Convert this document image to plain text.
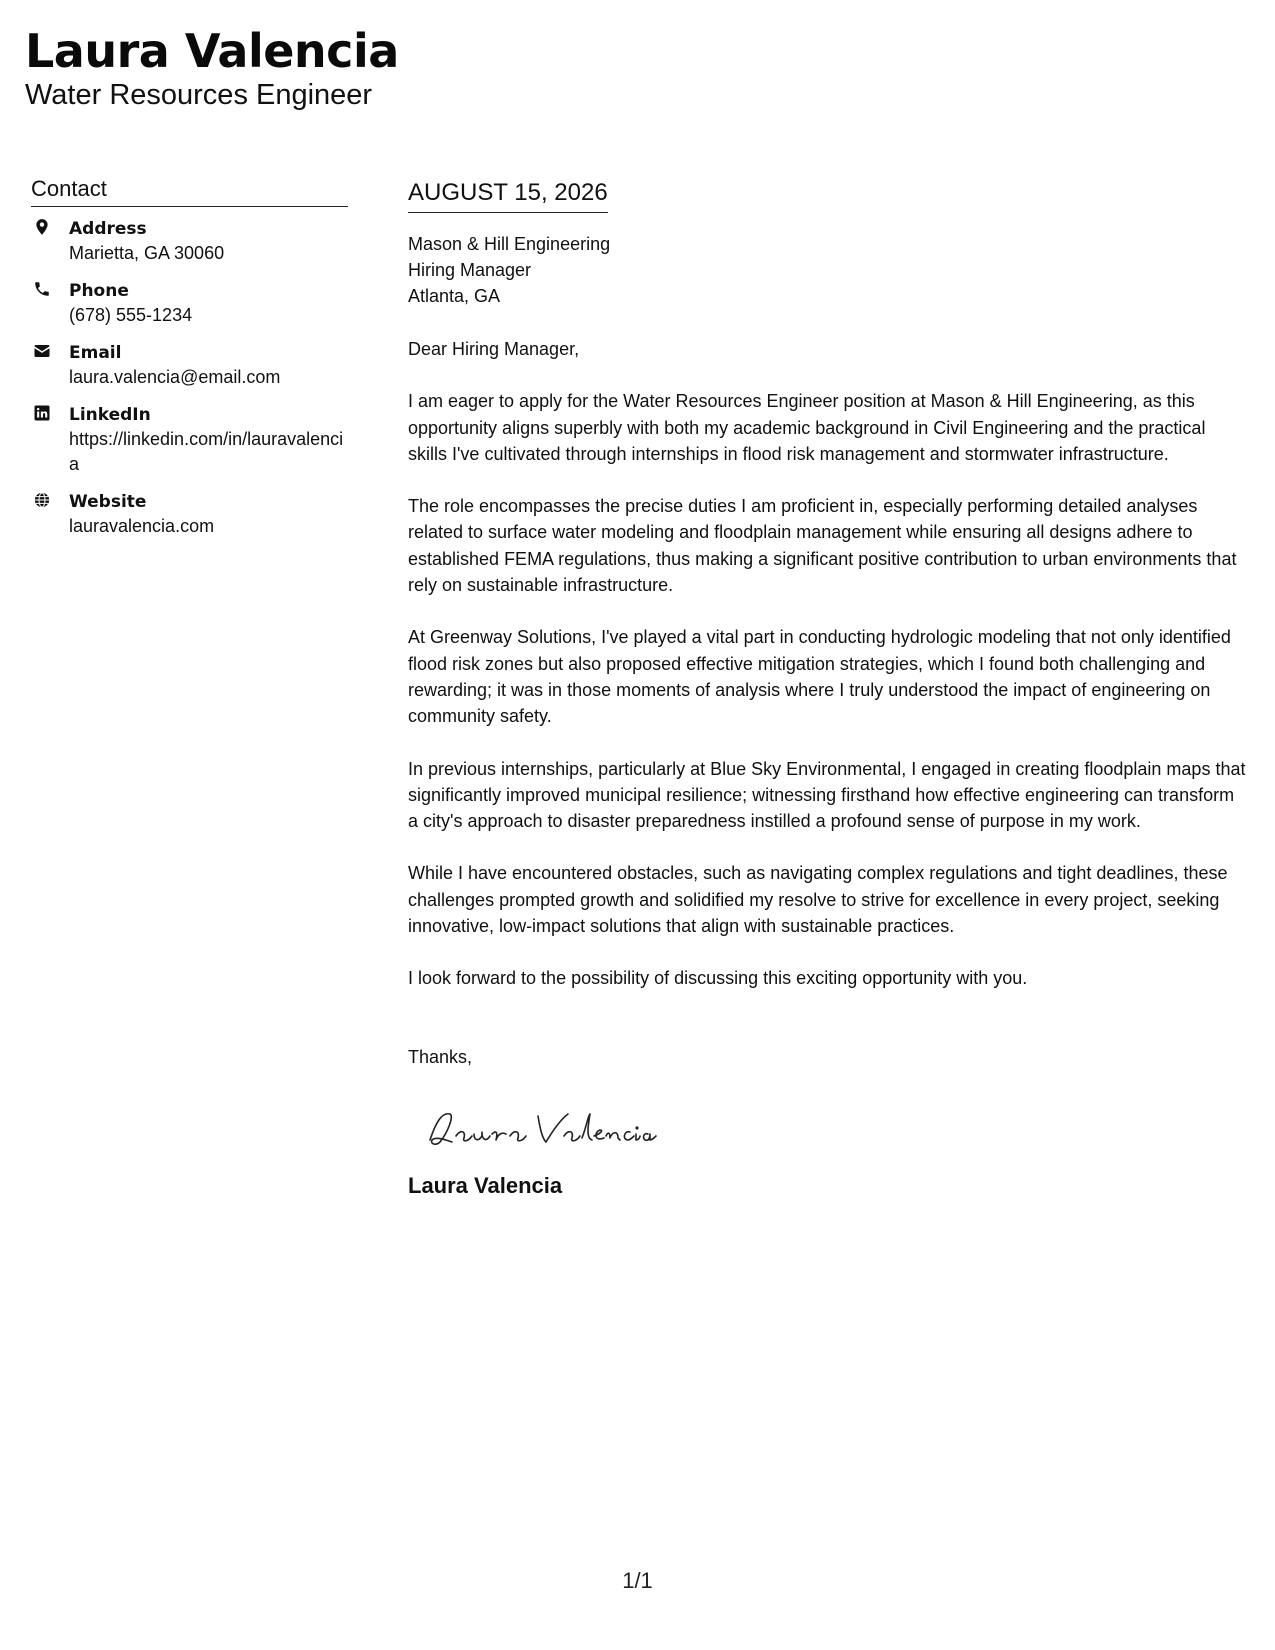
Laura Valencia
Water Resources Engineer
Contact
Address
Marietta, GA 30060
Phone
(678) 555-1234
Email
laura.valencia@email.com
LinkedIn
https://linkedin.com/in/lauravalencia
Website
lauravalencia.com
AUGUST 15, 2026
Mason & Hill Engineering
Hiring Manager
Atlanta, GA

Dear Hiring Manager,

I am eager to apply for the Water Resources Engineer position at Mason & Hill Engineering, as this opportunity aligns superbly with both my academic background in Civil Engineering and the practical skills I've cultivated through internships in flood risk management and stormwater infrastructure.

The role encompasses the precise duties I am proficient in, especially performing detailed analyses related to surface water modeling and floodplain management while ensuring all designs adhere to established FEMA regulations, thus making a significant positive contribution to urban environments that rely on sustainable infrastructure.

At Greenway Solutions, I've played a vital part in conducting hydrologic modeling that not only identified flood risk zones but also proposed effective mitigation strategies, which I found both challenging and rewarding; it was in those moments of analysis where I truly understood the impact of engineering on community safety.

In previous internships, particularly at Blue Sky Environmental, I engaged in creating floodplain maps that significantly improved municipal resilience; witnessing firsthand how effective engineering can transform a city's approach to disaster preparedness instilled a profound sense of purpose in my work.

While I have encountered obstacles, such as navigating complex regulations and tight deadlines, these challenges prompted growth and solidified my resolve to strive for excellence in every project, seeking innovative, low-impact solutions that align with sustainable practices.

I look forward to the possibility of discussing this exciting opportunity with you.

Thanks,

Laura Valencia
1/1
